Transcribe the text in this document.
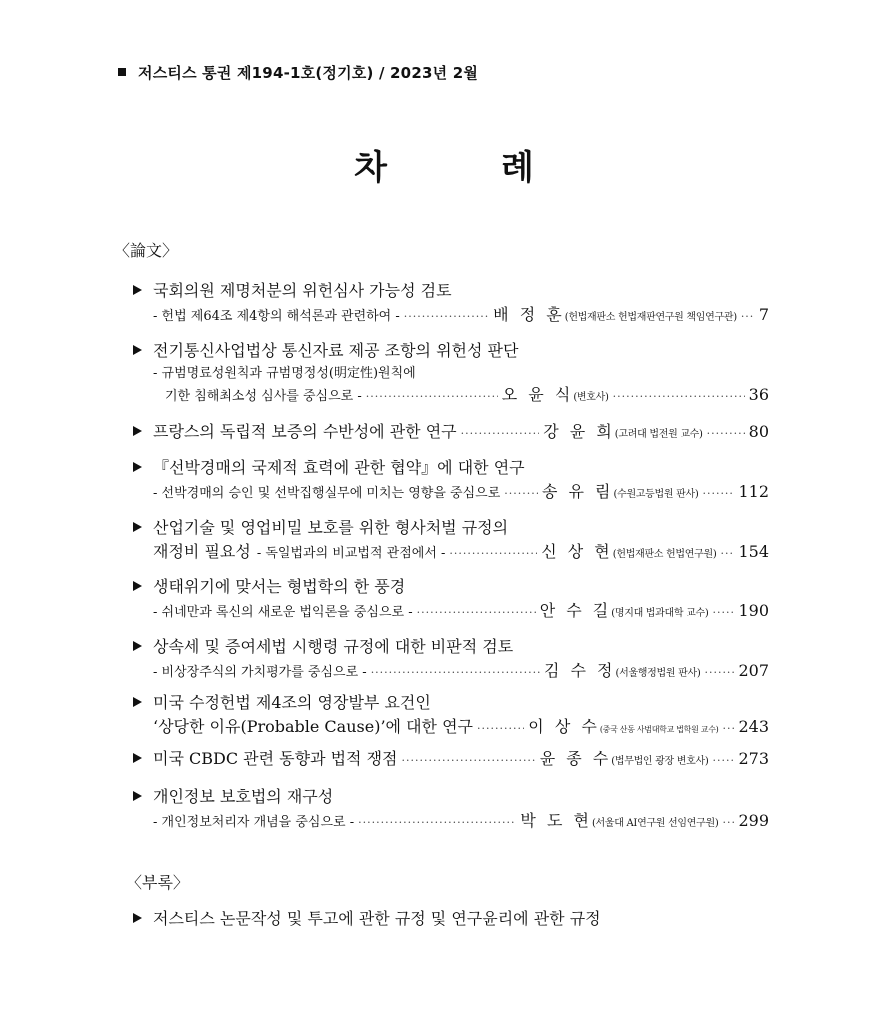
저스티스 통권 제194-1호(정기호) / 2023년 2월
차　례
〈論文〉
국회의원 제명처분의 위헌심사 가능성 검토
- 헌법 제64조 제4항의 해석론과 관련하여 - ·····	배 정 훈 (헌법재판소 헌법재판연구원 책임연구관) ····· 7
전기통신사업법상 통신자료 제공 조항의 위헌성 판단
- 규범명료성원칙과 규범명정성(明定性)원칙에
기한 침해최소성 심사를 중심으로 - ·····	오 윤 식 (변호사) ·····	36
프랑스의 독립적 보증의 수반성에 관한 연구 ·····	강 윤 희 (고려대 법전원 교수) ·····	80
『선박경매의 국제적 효력에 관한 협약』에 대한 연구
- 선박경매의 승인 및 선박집행실무에 미치는 영향을 중심으로 ·····	송 유 림 (수원고등법원 판사) ·····	112
산업기술 및 영업비밀 보호를 위한 형사처벌 규정의
재정비 필요성 - 독일법과의 비교법적 관점에서 - ·····	신 상 현 (헌법재판소 헌법연구원) ····· 154
생태위기에 맞서는 형법학의 한 풍경
- 쉬네만과 록신의 새로운 법익론을 중심으로 - ·····	안 수 길 (명지대 법과대학 교수) ····· 190
상속세 및 증여세법 시행령 규정에 대한 비판적 검토
- 비상장주식의 가치평가를 중심으로 - ·····	김 수 정 (서울행정법원 판사) ····· 207
미국 수정헌법 제4조의 영장발부 요건인
‘상당한 이유(Probable Cause)’에 대한 연구 ·····	이 상 수 (중국 산동 사범대학교 법학원 교수) ····· 243
미국 CBDC 관련 동향과 법적 쟁점 ·····	윤 종 수 (법무법인 광장 변호사) ····· 273
개인정보 보호법의 재구성
- 개인정보처리자 개념을 중심으로 - ·····	박 도 현 (서울대 AI연구원 선임연구원) ····· 299
〈부록〉
저스티스 논문작성 및 투고에 관한 규정 및 연구윤리에 관한 규정
